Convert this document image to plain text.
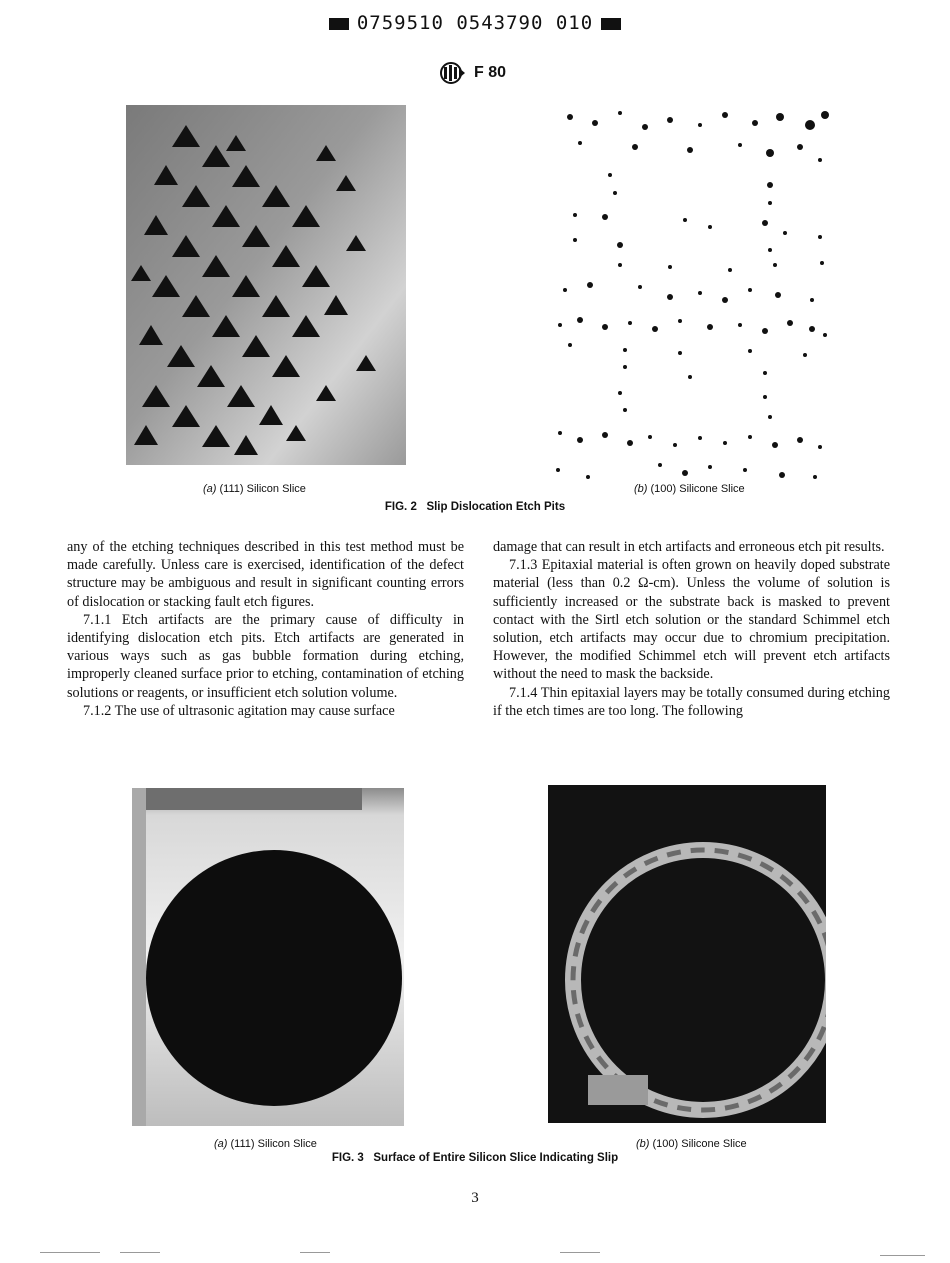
0759510 0543790 010
F 80
(a) (111) Silicon Slice	(b) (100) Silicone Slice
FIG. 2 Slip Dislocation Etch Pits

any of the etching techniques described in this test method must be made carefully. Unless care is exercised, identification of the defect structure may be ambiguous and result in significant counting errors of dislocation or stacking fault etch figures.

7.1.1 Etch artifacts are the primary cause of difficulty in identifying dislocation etch pits. Etch artifacts are generated in various ways such as gas bubble formation during etching, improperly cleaned surface prior to etching, contamination of etching solutions or reagents, or insufficient etch solution volume.

7.1.2 The use of ultrasonic agitation may cause surface

damage that can result in etch artifacts and erroneous etch pit results.

7.1.3 Epitaxial material is often grown on heavily doped substrate material (less than 0.2 Ω-cm). Unless the volume of solution is sufficiently increased or the substrate back is masked to prevent contact with the Sirtl etch solution or the standard Schimmel etch solution, etch artifacts may occur due to chromium precipitation. However, the modified Schimmel etch will prevent etch artifacts without the need to mask the backside.

7.1.4 Thin epitaxial layers may be totally consumed during etching if the etch times are too long. The following

(a) (111) Silicon Slice	(b) (100) Silicone Slice
FIG. 3 Surface of Entire Silicon Slice Indicating Slip
3
